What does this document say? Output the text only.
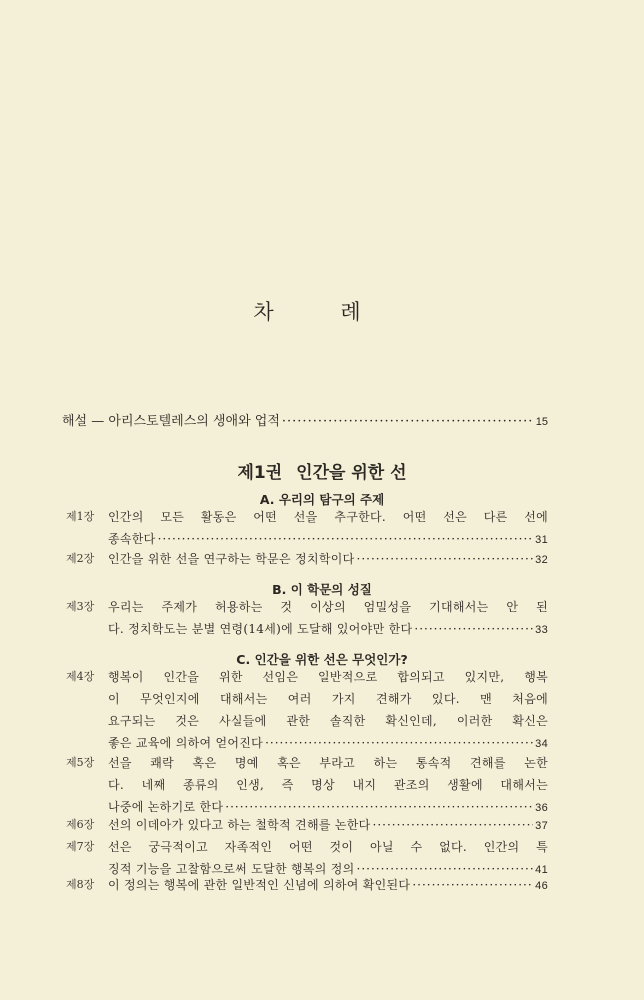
차 례
해설 — 아리스토텔레스의 생애와 업적 ·····	15
제1권 인간을 위한 선
A. 우리의 탐구의 주제
제1장	인간의 모든 활동은 어떤 선을 추구한다. 어떤 선은 다른 선에
종속한다 ·····	31
제2장	인간을 위한 선을 연구하는 학문은 정치학이다 ·····	32
B. 이 학문의 성질
제3장	우리는 주제가 허용하는 것 이상의 엄밀성을 기대해서는 안 된
다. 정치학도는 분별 연령(14세)에 도달해 있어야만 한다 ·····	33
C. 인간을 위한 선은 무엇인가?
제4장	행복이 인간을 위한 선임은 일반적으로 합의되고 있지만, 행복
이 무엇인지에 대해서는 여러 가지 견해가 있다. 맨 처음에
요구되는 것은 사실들에 관한 솔직한 확신인데, 이러한 확신은
좋은 교육에 의하여 얻어진다 ·····	34
제5장	선을 쾌락 혹은 명예 혹은 부라고 하는 통속적 견해를 논한
다. 네째 종류의 인생, 즉 명상 내지 관조의 생활에 대해서는
나중에 논하기로 한다 ·····	36
제6장	선의 이데아가 있다고 하는 철학적 견해를 논한다 ·····	37
제7장	선은 궁극적이고 자족적인 어떤 것이 아닐 수 없다. 인간의 특
징적 기능을 고찰함으로써 도달한 행복의 정의 ·····	41
제8장	이 정의는 행복에 관한 일반적인 신념에 의하여 확인된다 ·····	46
